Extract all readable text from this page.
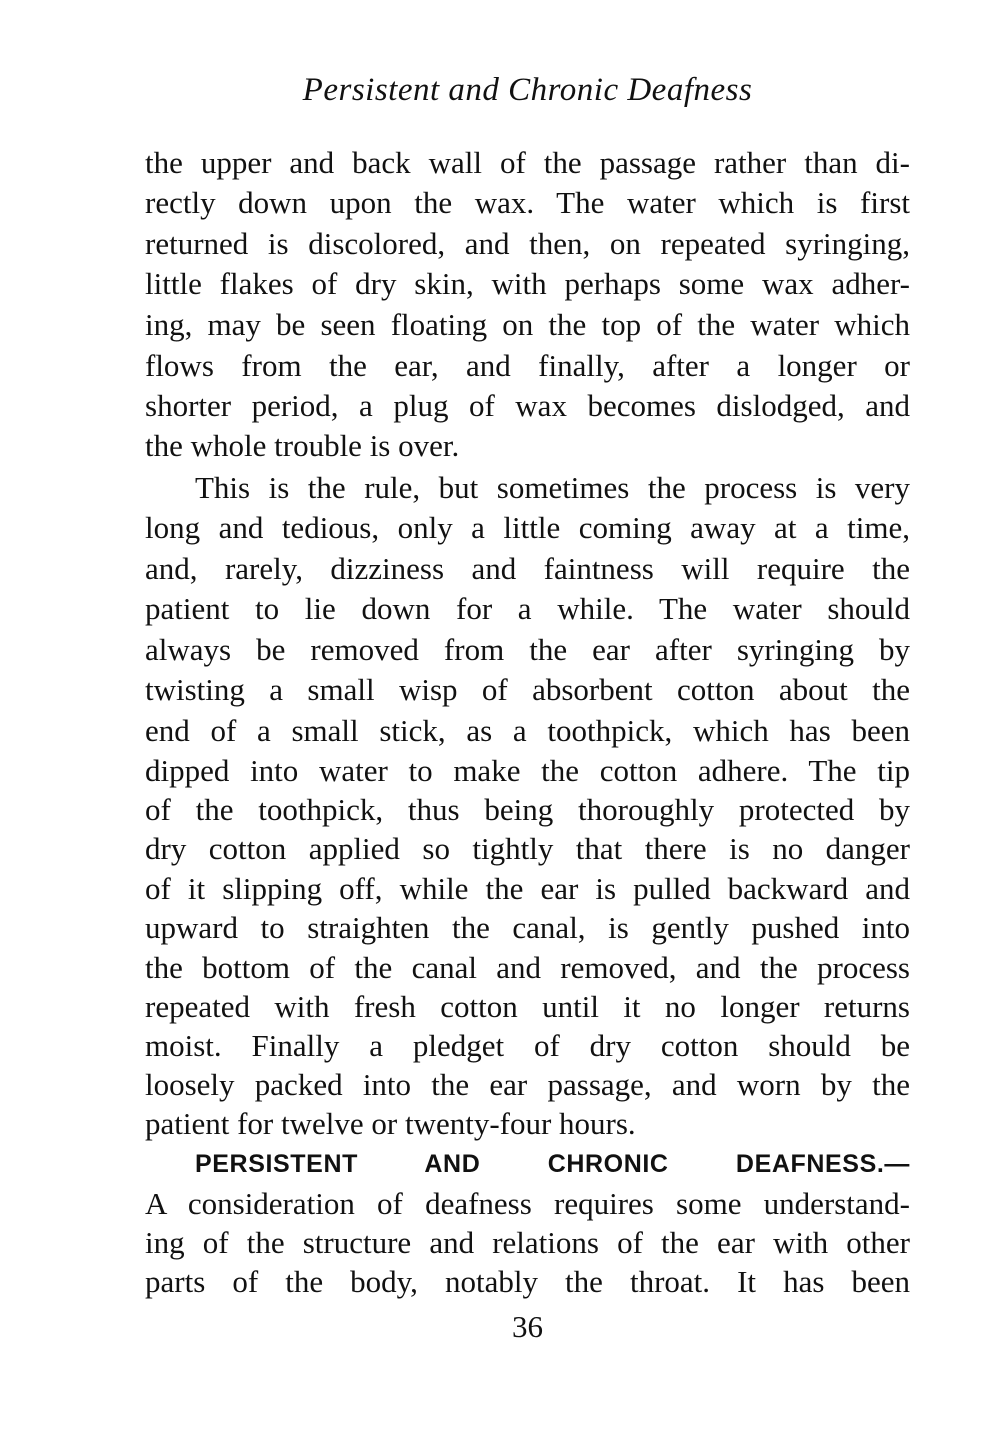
Persistent and Chronic Deafness
the upper and back wall of the passage rather than di-
rectly down upon the wax. The water which is first
returned is discolored, and then, on repeated syringing,
little flakes of dry skin, with perhaps some wax adher-
ing, may be seen floating on the top of the water which
flows from the ear, and finally, after a longer or
shorter period, a plug of wax becomes dislodged, and
the whole trouble is over.
This is the rule, but sometimes the process is very
long and tedious, only a little coming away at a time,
and, rarely, dizziness and faintness will require the
patient to lie down for a while. The water should
always be removed from the ear after syringing by
twisting a small wisp of absorbent cotton about the
end of a small stick, as a toothpick, which has been
dipped into water to make the cotton adhere. The tip
of the toothpick, thus being thoroughly protected by
dry cotton applied so tightly that there is no danger
of it slipping off, while the ear is pulled backward and
upward to straighten the canal, is gently pushed into
the bottom of the canal and removed, and the process
repeated with fresh cotton until it no longer returns
moist. Finally a pledget of dry cotton should be
loosely packed into the ear passage, and worn by the
patient for twelve or twenty-four hours.
PERSISTENT AND CHRONIC DEAFNESS.—
A consideration of deafness requires some understand-
ing of the structure and relations of the ear with other
parts of the body, notably the throat. It has been
36
